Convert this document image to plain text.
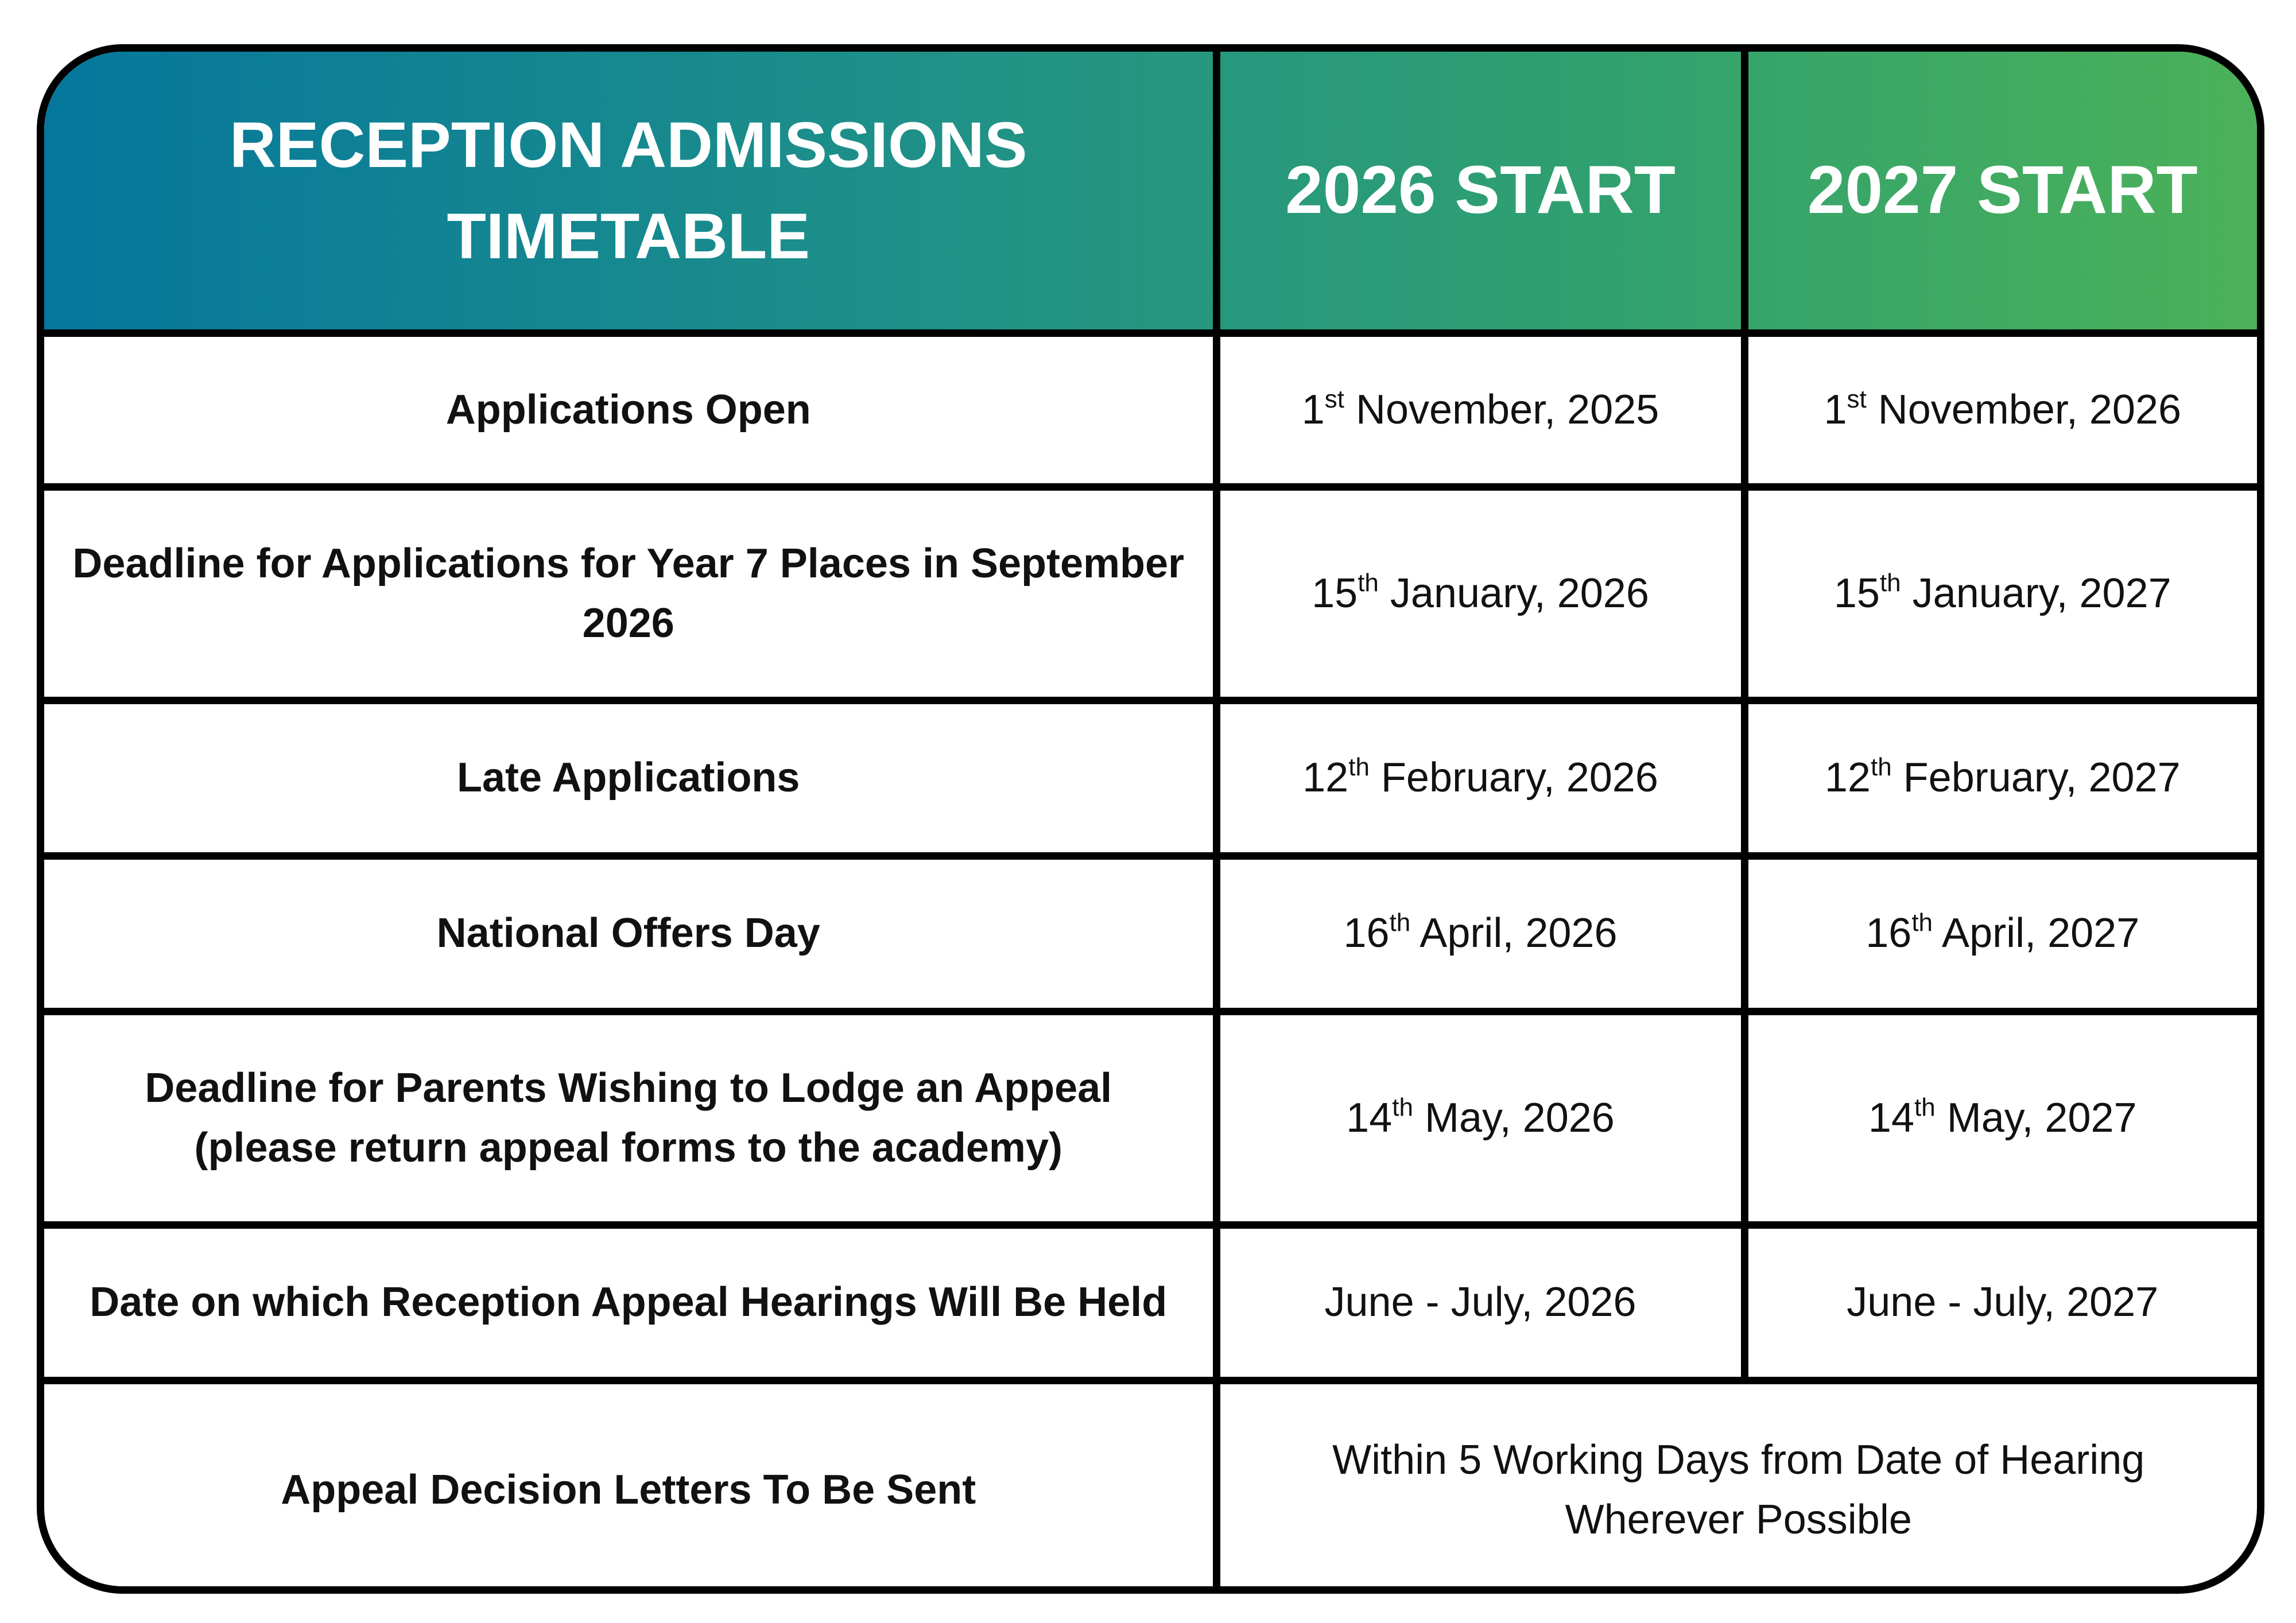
RECEPTION ADMISSIONS
TIMETABLE	2026 START	2027 START
Applications Open	1st November, 2025	1st November, 2026
Deadline for Applications for Year 7 Places in September
2026	15th January, 2026	15th January, 2027
Late Applications	12th February, 2026	12th February, 2027
National Offers Day	16th April, 2026	16th April, 2027
Deadline for Parents Wishing to Lodge an Appeal
(please return appeal forms to the academy)	14th May, 2026	14th May, 2027
Date on which Reception Appeal Hearings Will Be Held	June - July, 2026	June - July, 2027
Appeal Decision Letters To Be Sent	Within 5 Working Days from Date of Hearing
Wherever Possible	
